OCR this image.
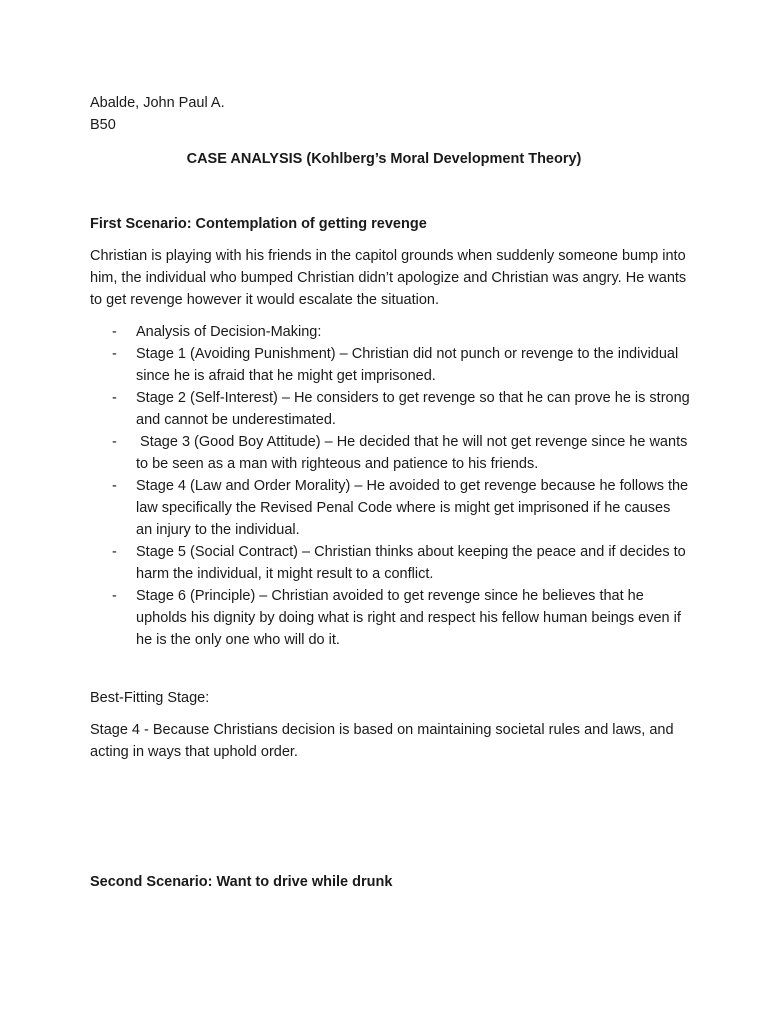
Abalde, John Paul A.

B50

CASE ANALYSIS (Kohlberg’s Moral Development Theory)

First Scenario: Contemplation of getting revenge

Christian is playing with his friends in the capitol grounds when suddenly someone bump into him, the individual who bumped Christian didn’t apologize and Christian was angry. He wants to get revenge however it would escalate the situation.

- Analysis of Decision-Making:
- Stage 1 (Avoiding Punishment) – Christian did not punch or revenge to the individual since he is afraid that he might get imprisoned.
- Stage 2 (Self-Interest) – He considers to get revenge so that he can prove he is strong and cannot be underestimated.
- Stage 3 (Good Boy Attitude) – He decided that he will not get revenge since he wants to be seen as a man with righteous and patience to his friends.
- Stage 4 (Law and Order Morality) – He avoided to get revenge because he follows the law specifically the Revised Penal Code where is might get imprisoned if he causes an injury to the individual.
- Stage 5 (Social Contract) – Christian thinks about keeping the peace and if decides to harm the individual, it might result to a conflict.
- Stage 6 (Principle) – Christian avoided to get revenge since he believes that he upholds his dignity by doing what is right and respect his fellow human beings even if he is the only one who will do it.

Best-Fitting Stage:

Stage 4 - Because Christians decision is based on maintaining societal rules and laws, and acting in ways that uphold order.

Second Scenario: Want to drive while drunk
